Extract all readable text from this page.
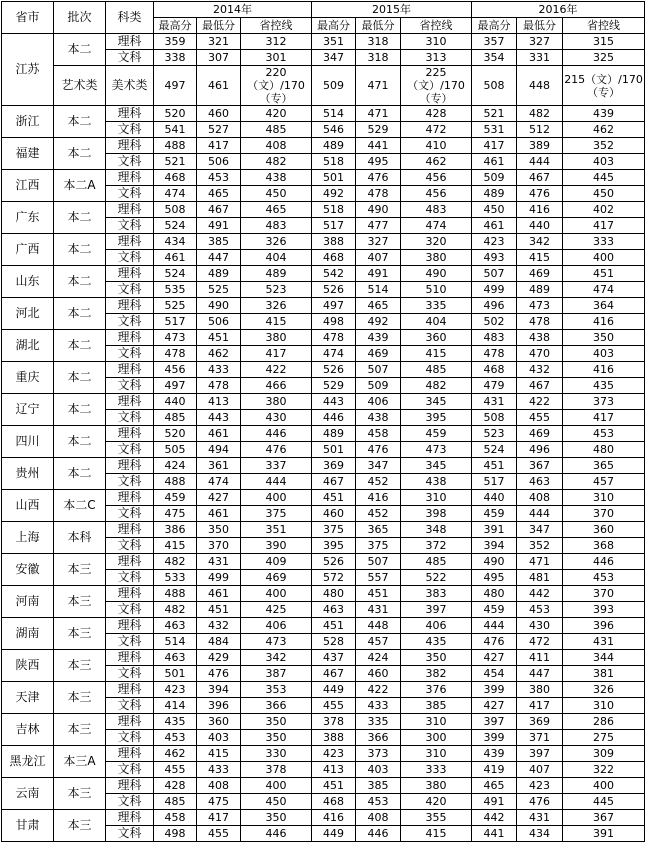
省市	批次	科类	2014年			2015年			2016年		
			最高分	最低分	省控线	最高分	最低分	省控线	最高分	最低分	省控线
江苏	本二	理科	359	321	312	351	318	310	357	327	315
		文科	338	307	301	347	318	313	354	331	325
	艺术类	美术类	497	461	220（文）/170（专）	509	471	225（文）/170（专）	508	448	215（文）/170（专）
浙江	本二	理科	520	460	420	514	471	428	521	482	439
		文科	541	527	485	546	529	472	531	512	462
福建	本二	理科	488	417	408	489	441	410	417	389	352
		文科	521	506	482	518	495	462	461	444	403
江西	本二A	理科	468	453	438	501	476	456	509	467	445
		文科	474	465	450	492	478	456	489	476	450
广东	本二	理科	508	467	465	518	490	483	450	416	402
		文科	524	491	483	517	477	474	461	440	417
广西	本二	理科	434	385	326	388	327	320	423	342	333
		文科	461	447	404	468	407	380	493	415	400
山东	本二	理科	524	489	489	542	491	490	507	469	451
		文科	535	525	523	526	514	510	499	489	474
河北	本二	理科	525	490	326	497	465	335	496	473	364
		文科	517	506	415	498	492	404	502	478	416
湖北	本二	理科	473	451	380	478	439	360	483	438	350
		文科	478	462	417	474	469	415	478	470	403
重庆	本二	理科	456	433	422	526	507	485	468	432	416
		文科	497	478	466	529	509	482	479	467	435
辽宁	本二	理科	440	413	380	443	406	345	431	422	373
		文科	485	443	430	446	438	395	508	455	417
四川	本二	理科	520	461	446	489	458	459	523	469	453
		文科	505	494	476	501	476	473	524	496	480
贵州	本二	理科	424	361	337	369	347	345	451	367	365
		文科	488	474	444	467	452	438	517	463	457
山西	本二C	理科	459	427	400	451	416	310	440	408	310
		文科	475	461	375	460	452	398	459	444	370
上海	本科	理科	386	350	351	375	365	348	391	347	360
		文科	415	370	390	395	375	372	394	352	368
安徽	本三	理科	482	431	409	526	507	485	490	471	446
		文科	533	499	469	572	557	522	495	481	453
河南	本三	理科	488	461	400	480	451	383	480	442	370
		文科	482	451	425	463	431	397	459	453	393
湖南	本三	理科	463	432	406	451	448	406	444	430	396
		文科	514	484	473	528	457	435	476	472	431
陕西	本三	理科	463	429	342	437	424	350	427	411	344
		文科	501	476	387	467	460	382	454	447	381
天津	本三	理科	423	394	353	449	422	376	399	380	326
		文科	414	396	366	455	433	385	427	417	310
吉林	本三	理科	435	360	350	378	335	310	397	369	286
		文科	453	403	350	388	366	300	399	371	275
黑龙江	本三A	理科	462	415	330	423	373	310	439	397	309
		文科	455	433	378	413	403	333	419	407	322
云南	本三	理科	428	408	400	451	385	380	465	423	400
		文科	485	475	450	468	453	420	491	476	445
甘肃	本三	理科	458	417	350	416	408	355	442	431	367
		文科	498	455	446	449	446	415	441	434	391
